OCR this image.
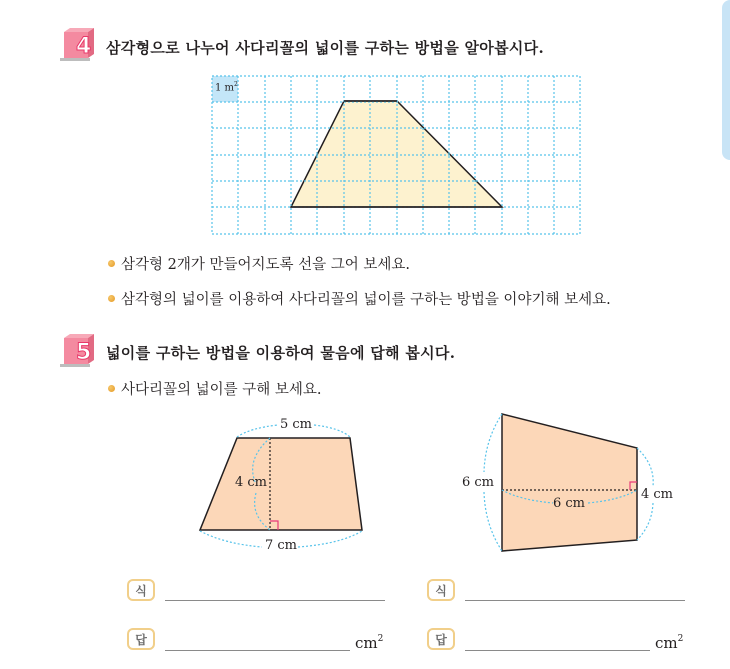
4 삼각형으로 나누어 사다리꼴의 넓이를 구하는 방법을 알아봅시다.
1 $m^2$
삼각형 2개가 만들어지도록 선을 그어 보세요.
삼각형의 넓이를 이용하여 사다리꼴의 넓이를 구하는 방법을 이야기해 보세요.
5 넓이를 구하는 방법을 이용하여 물음에 답해 봅시다.
사다리꼴의 넓이를 구해 보세요.
5 cm
4 cm
7 cm
6 cm
6 cm
4 cm
식
답	$cm^2$
식
답	$cm^2$
